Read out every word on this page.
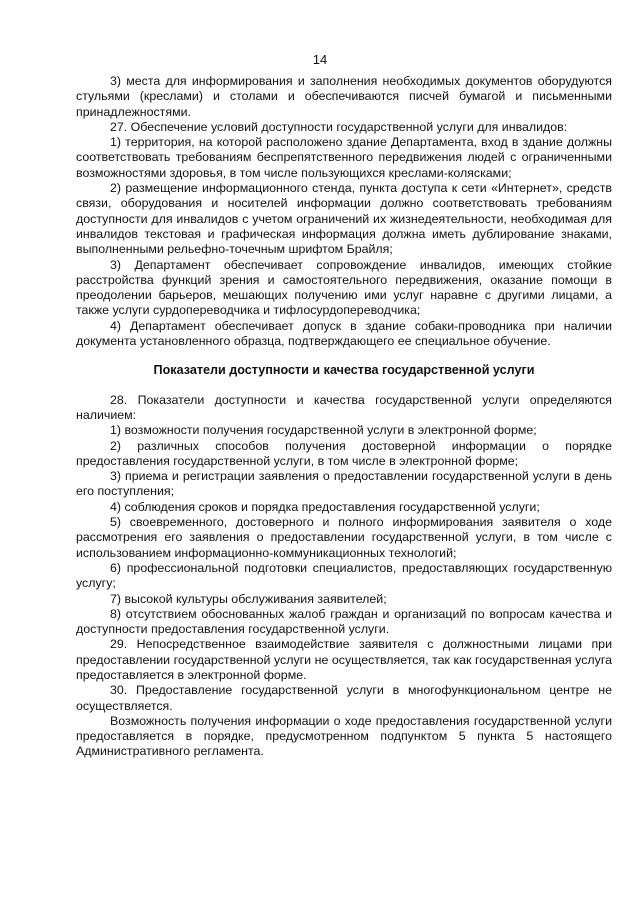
14

3) места для информирования и заполнения необходимых документов оборудуются стульями (креслами) и столами и обеспечиваются писчей бумагой и письменными принадлежностями.

27. Обеспечение условий доступности государственной услуги для инвалидов:

1) территория, на которой расположено здание Департамента, вход в здание должны соответствовать требованиям беспрепятственного передвижения людей с ограниченными возможностями здоровья, в том числе пользующихся креслами-колясками;

2) размещение информационного стенда, пункта доступа к сети «Интернет», средств связи, оборудования и носителей информации должно соответствовать требованиям доступности для инвалидов с учетом ограничений их жизнедеятельности, необходимая для инвалидов текстовая и графическая информация должна иметь дублирование знаками, выполненными рельефно-точечным шрифтом Брайля;

3) Департамент обеспечивает сопровождение инвалидов, имеющих стойкие расстройства функций зрения и самостоятельного передвижения, оказание помощи в преодолении барьеров, мешающих получению ими услуг наравне с другими лицами, а также услуги сурдопереводчика и тифлосурдопереводчика;

4) Департамент обеспечивает допуск в здание собаки-проводника при наличии документа установленного образца, подтверждающего ее специальное обучение.

Показатели доступности и качества государственной услуги

28. Показатели доступности и качества государственной услуги определяются наличием:

1) возможности получения государственной услуги в электронной форме;

2) различных способов получения достоверной информации о порядке предоставления государственной услуги, в том числе в электронной форме;

3) приема и регистрации заявления о предоставлении государственной услуги в день его поступления;

4) соблюдения сроков и порядка предоставления государственной услуги;

5) своевременного, достоверного и полного информирования заявителя о ходе рассмотрения его заявления о предоставлении государственной услуги, в том числе с использованием информационно-коммуникационных технологий;

6) профессиональной подготовки специалистов, предоставляющих государственную услугу;

7) высокой культуры обслуживания заявителей;

8) отсутствием обоснованных жалоб граждан и организаций по вопросам качества и доступности предоставления государственной услуги.

29. Непосредственное взаимодействие заявителя с должностными лицами при предоставлении государственной услуги не осуществляется, так как государственная услуга предоставляется в электронной форме.

30. Предоставление государственной услуги в многофункциональном центре не осуществляется.

Возможность получения информации о ходе предоставления государственной услуги предоставляется в порядке, предусмотренном подпунктом 5 пункта 5 настоящего Административного регламента.
